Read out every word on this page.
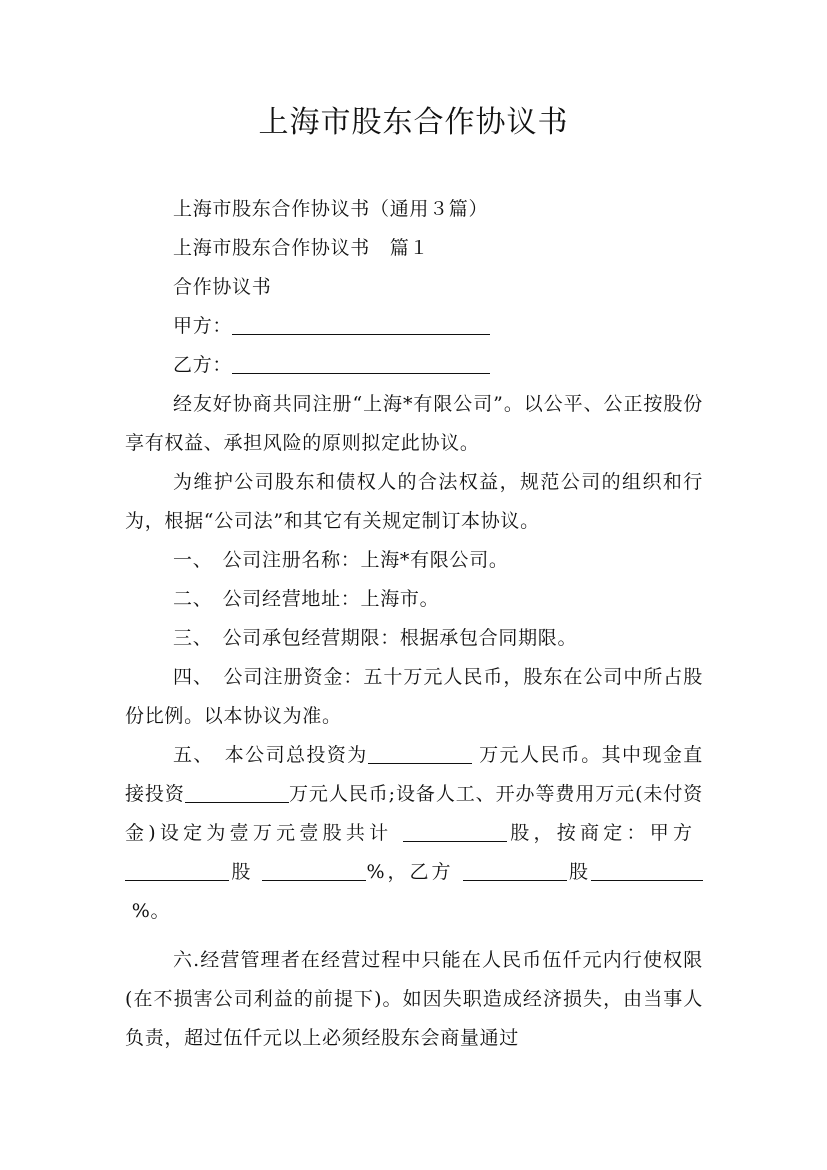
上海市股东合作协议书

上海市股东合作协议书（通用３篇）

上海市股东合作协议书　篇１

合作协议书

甲方：

乙方：

经友好协商共同注册“上海*有限公司”。以公平、公正按股份享有权益、承担风险的原则拟定此协议。

为维护公司股东和债权人的合法权益，规范公司的组织和行为，根据“公司法”和其它有关规定制订本协议。

一、　公司注册名称：上海*有限公司。

二、　公司经营地址：上海市。

三、　公司承包经营期限：根据承包合同期限。

四、　公司注册资金：五十万元人民币，股东在公司中所占股份比例。以本协议为准。

五、　本公司总投资为	万元人民币。其中现金直接投资	万元人民币;设备人工、开办等费用万元(未付资金)设定为壹万元壹股共计	股，按商定：甲方 股	%，乙方	股 %。

六.经营管理者在经营过程中只能在人民币伍仟元内行使权限(在不损害公司利益的前提下)。如因失职造成经济损失，由当事人负责，超过伍仟元以上必须经股东会商量通过
